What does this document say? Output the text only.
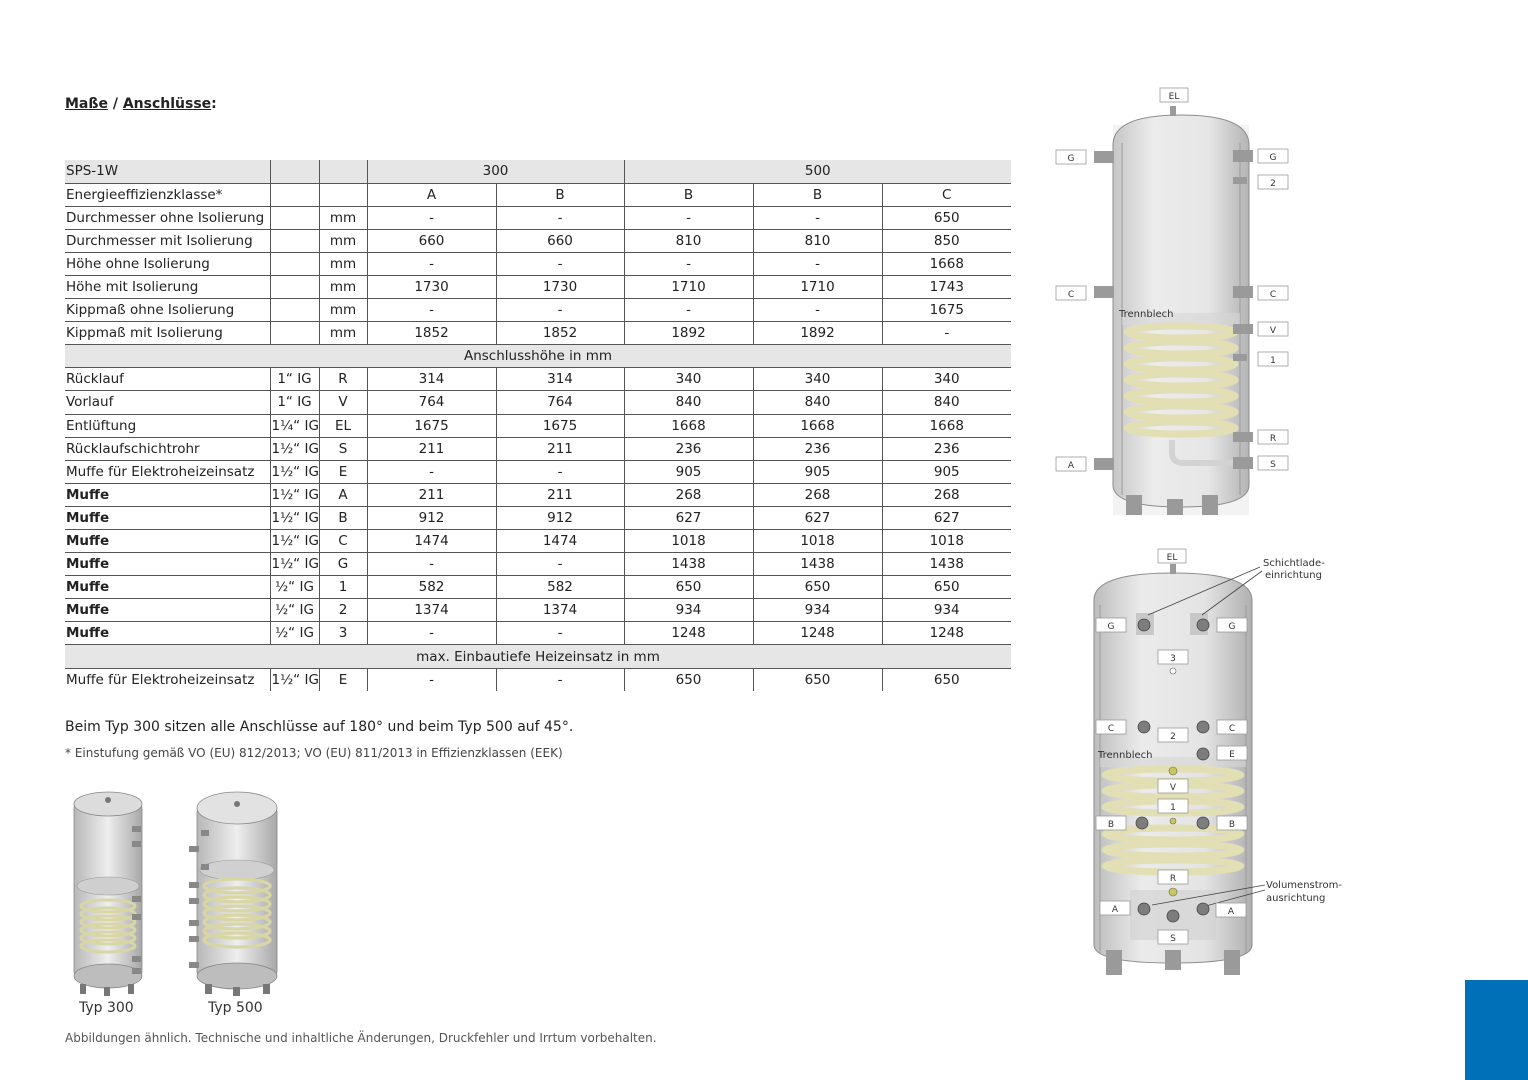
Maße / Anschlüsse:
SPS-1W			300		500		
Energieeffizienzklasse*			A	B	B	B	C
Durchmesser ohne Isolierung		mm	-	-	-	-	650
Durchmesser mit Isolierung		mm	660	660	810	810	850
Höhe ohne Isolierung		mm	-	-	-	-	1668
Höhe mit Isolierung		mm	1730	1730	1710	1710	1743
Kippmaß ohne Isolierung		mm	-	-	-	-	1675
Kippmaß mit Isolierung		mm	1852	1852	1892	1892	-
Anschlusshöhe in mm							
Rücklauf	1“ IG	R	314	314	340	340	340
Vorlauf	1“ IG	V	764	764	840	840	840
Entlüftung	1¼“ IG	EL	1675	1675	1668	1668	1668
Rücklaufschichtrohr	1½“ IG	S	211	211	236	236	236
Muffe für Elektroheizeinsatz	1½“ IG	E	-	-	905	905	905
Muffe	1½“ IG	A	211	211	268	268	268
Muffe	1½“ IG	B	912	912	627	627	627
Muffe	1½“ IG	C	1474	1474	1018	1018	1018
Muffe	1½“ IG	G	-	-	1438	1438	1438
Muffe	½“ IG	1	582	582	650	650	650
Muffe	½“ IG	2	1374	1374	934	934	934
Muffe	½“ IG	3	-	-	1248	1248	1248
max. Einbautiefe Heizeinsatz in mm							
Muffe für Elektroheizeinsatz	1½“ IG	E	-	-	650	650	650
Beim Typ 300 sitzen alle Anschlüsse auf 180° und beim Typ 500 auf 45°.
* Einstufung gemäß VO (EU) 812/2013; VO (EU) 811/2013 in Effizienzklassen (EEK)
Typ 300	Typ 500
EL
Trennblech
G	G
2
C	C
V
1
R
A	S
EL	Schichtlade-
einrichtung
Trennblech
Volumenstrom-
ausrichtung
G	G
3
C	C
2
E
V
1
B	B
R
A	A
S
Abbildungen ähnlich. Technische und inhaltliche Änderungen, Druckfehler und Irrtum vorbehalten.
